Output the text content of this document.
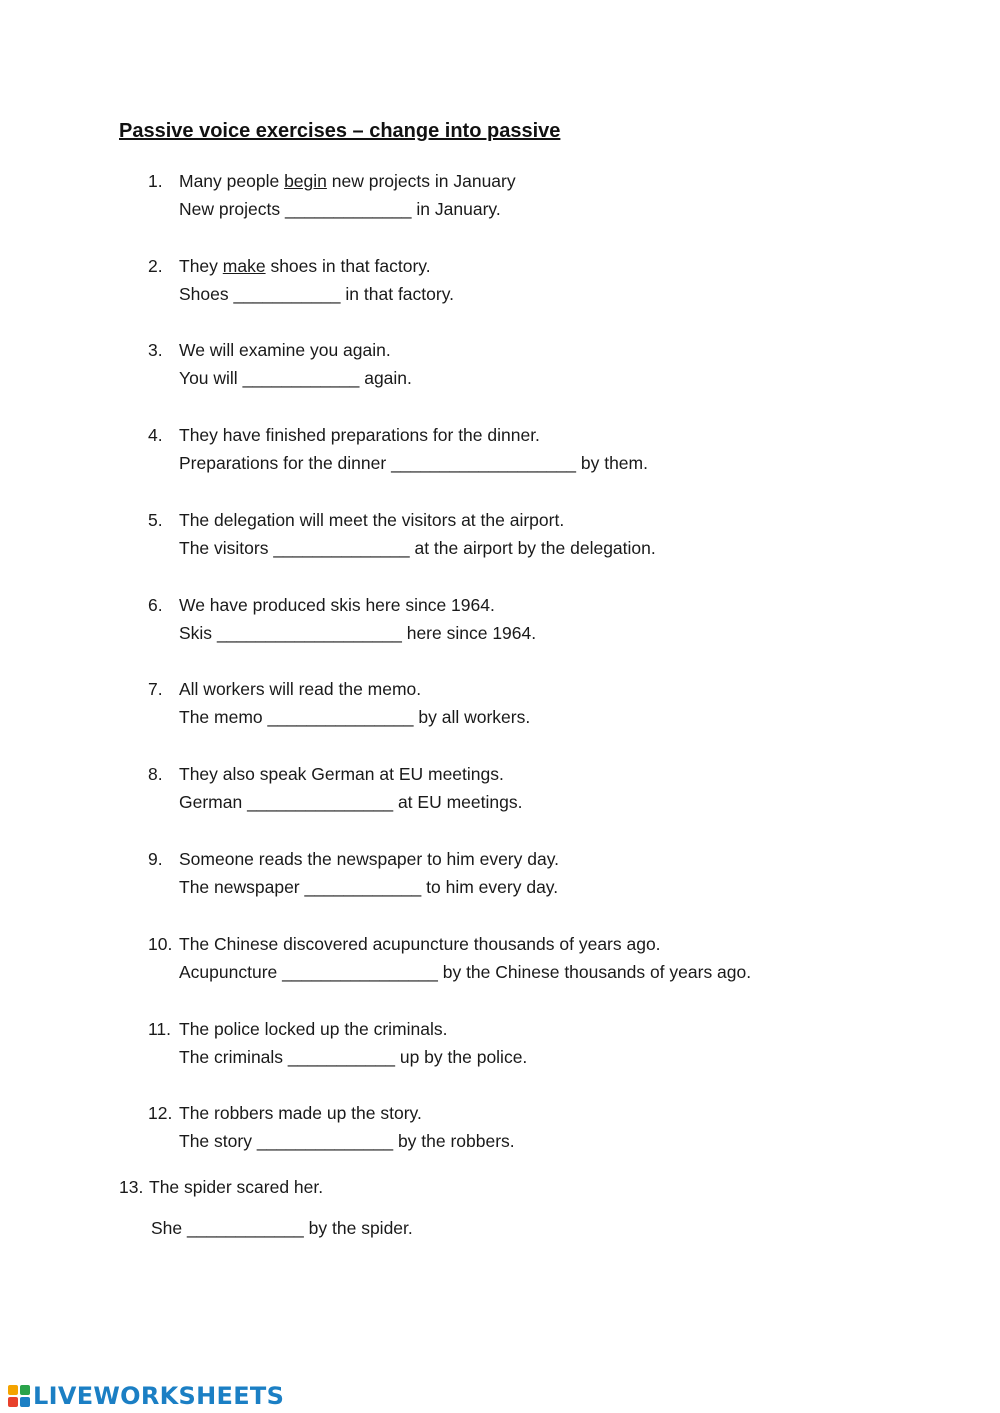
Passive voice exercises – change into passive
1. Many people begin new projects in January
New projects _____________ in January.
2. They make shoes in that factory.
Shoes ___________ in that factory.
3. We will examine you again.
You will ____________ again.
4. They have finished preparations for the dinner.
Preparations for the dinner ___________________ by them.
5. The delegation will meet the visitors at the airport.
The visitors ______________ at the airport by the delegation.
6. We have produced skis here since 1964.
Skis ___________________ here since 1964.
7. All workers will read the memo.
The memo _______________ by all workers.
8. They also speak German at EU meetings.
German _______________ at EU meetings.
9. Someone reads the newspaper to him every day.
The newspaper ____________ to him every day.
10. The Chinese discovered acupuncture thousands of years ago.
Acupuncture ________________ by the Chinese thousands of years ago.
11. The police locked up the criminals.
The criminals ___________ up by the police.
12. The robbers made up the story.
The story ______________ by the robbers.
13. The spider scared her.
She ____________ by the spider.
LIVEWORKSHEETS
